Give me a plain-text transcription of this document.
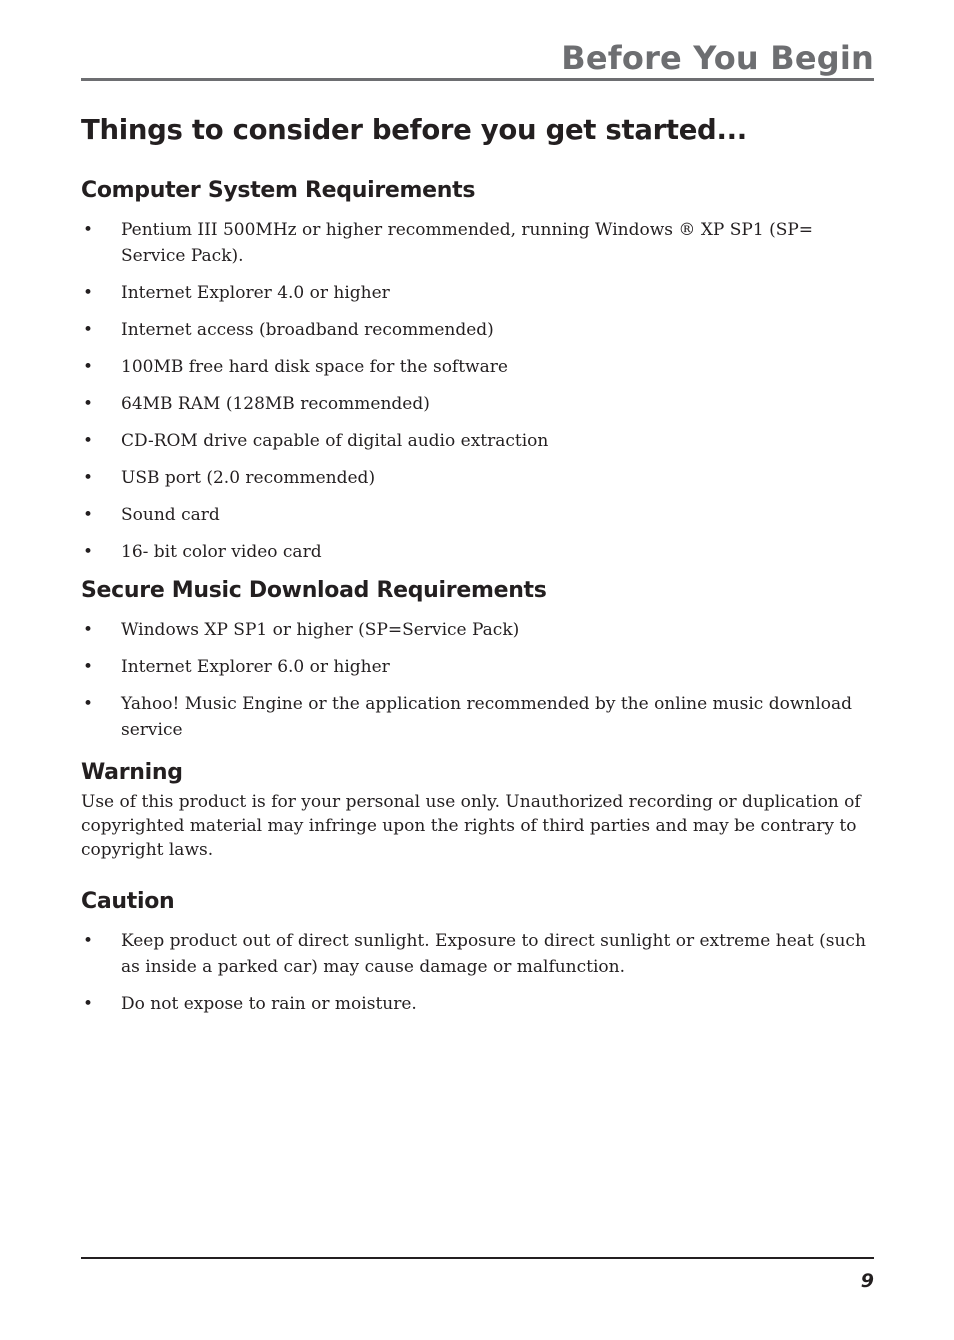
Before You Begin
Things to consider before you get started...
Computer System Requirements
• Pentium III 500MHz or higher recommended, running Windows ® XP SP1 (SP= Service Pack).
• Internet Explorer 4.0 or higher
• Internet access (broadband recommended)
• 100MB free hard disk space for the software
• 64MB RAM (128MB recommended)
• CD-ROM drive capable of digital audio extraction
• USB port (2.0 recommended)
• Sound card
• 16- bit color video card
Secure Music Download Requirements
• Windows XP SP1 or higher (SP=Service Pack)
• Internet Explorer 6.0 or higher
• Yahoo! Music Engine or the application recommended by the online music download service
Warning

Use of this product is for your personal use only. Unauthorized recording or duplication of copyrighted material may infringe upon the rights of third parties and may be contrary to copyright laws.

Caution
• Keep product out of direct sunlight. Exposure to direct sunlight or extreme heat (such as inside a parked car) may cause damage or malfunction.
• Do not expose to rain or moisture.
9
